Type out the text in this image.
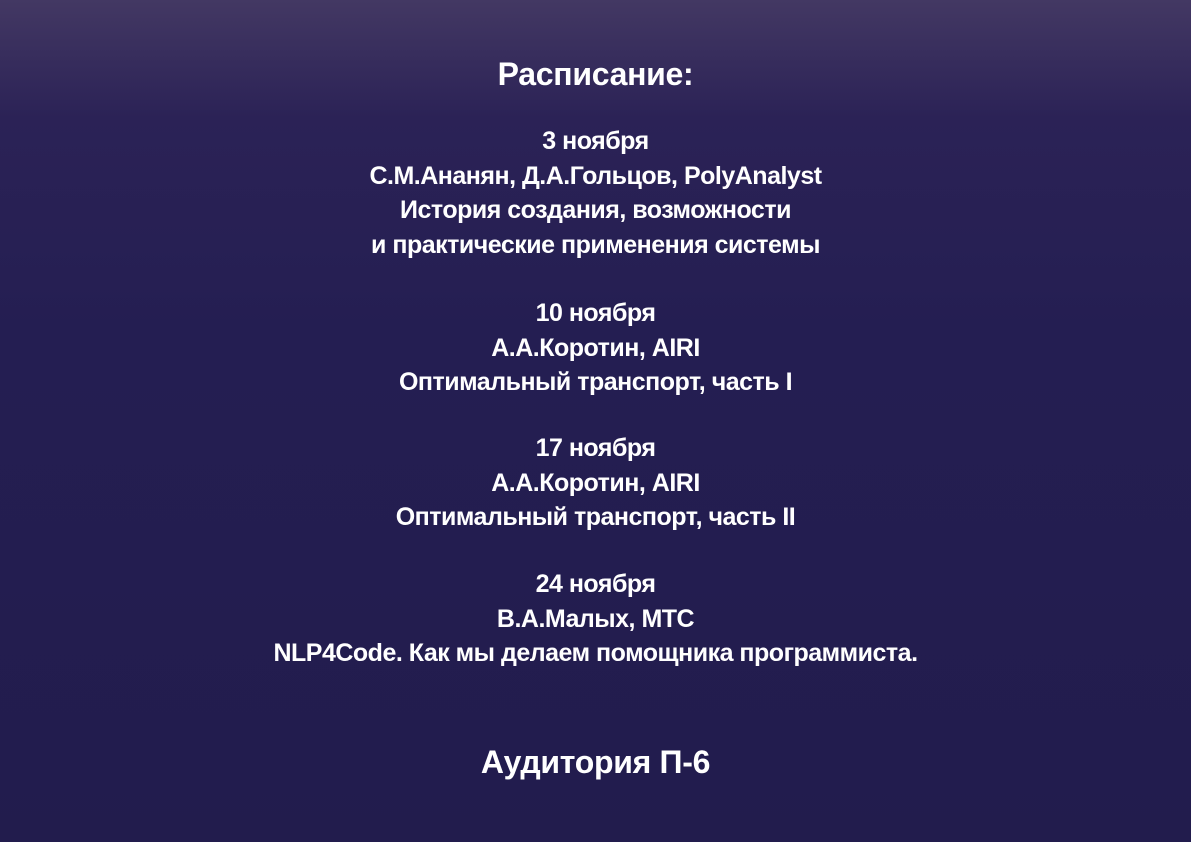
Расписание:
3 ноября
С.М.Ананян, Д.А.Гольцов, PolyAnalyst
История создания, возможности
и практические применения системы
10 ноября
А.А.Коротин, AIRI
Оптимальный транспорт, часть I
17 ноября
А.А.Коротин, AIRI
Оптимальный транспорт, часть II
24 ноября
В.А.Малых, МТС
NLP4Code. Как мы делаем помощника программиста.
Аудитория П-6
